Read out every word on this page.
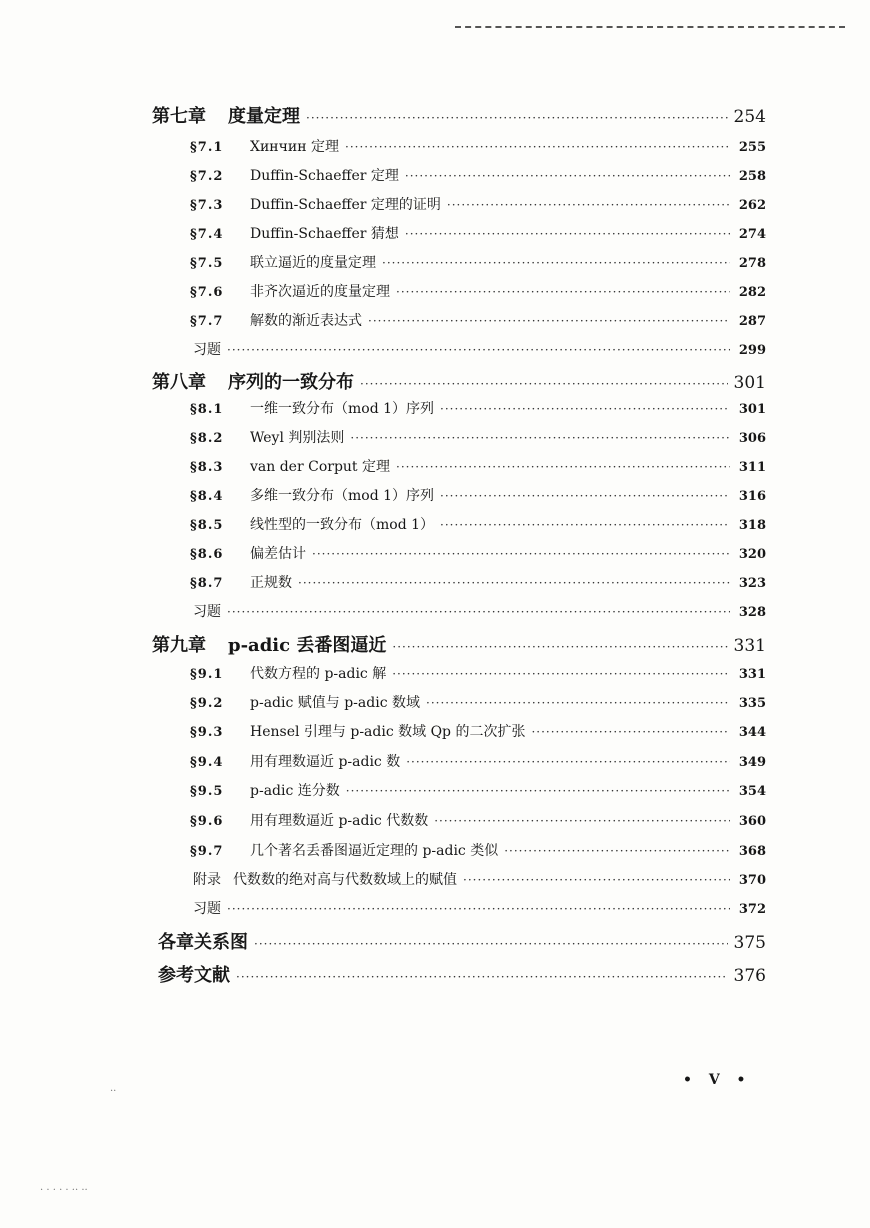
第七章 度量定理 ·····	254
§7.1	Хинчин 定理 ·····	255
§7.2	Duffin-Schaeffer 定理 ·····	258
§7.3	Duffin-Schaeffer 定理的证明 ·····	262
§7.4	Duffin-Schaeffer 猜想 ·····	274
§7.5	联立逼近的度量定理 ·····	278
§7.6	非齐次逼近的度量定理 ·····	282
§7.7	解数的渐近表达式 ·····	287
习题 ·····	299
第八章 序列的一致分布 ·····	301
§8.1	一维一致分布（mod 1）序列 ·····	301
§8.2	Weyl 判别法则 ·····	306
§8.3	van der Corput 定理 ·····	311
§8.4	多维一致分布（mod 1）序列 ·····	316
§8.5	线性型的一致分布（mod 1） ·····	318
§8.6	偏差估计 ·····	320
§8.7	正规数 ·····	323
习题 ·····	328
第九章 p-adic 丢番图逼近 ·····	331
§9.1	代数方程的 p-adic 解 ·····	331
§9.2	p-adic 赋值与 p-adic 数域 ·····	335
§9.3	Hensel 引理与 p-adic 数域 Qp 的二次扩张 ·····	344
§9.4	用有理数逼近 p-adic 数 ·····	349
§9.5	p-adic 连分数 ·····	354
§9.6	用有理数逼近 p-adic 代数数 ·····	360
§9.7	几个著名丢番图逼近定理的 p-adic 类似 ·····	368
附录 代数数的绝对高与代数数域上的赋值 ·····	370
习题 ·····	372
各章关系图 ·····	375
参考文献 ·····	376
• V •
..
. . . . . .. ..
